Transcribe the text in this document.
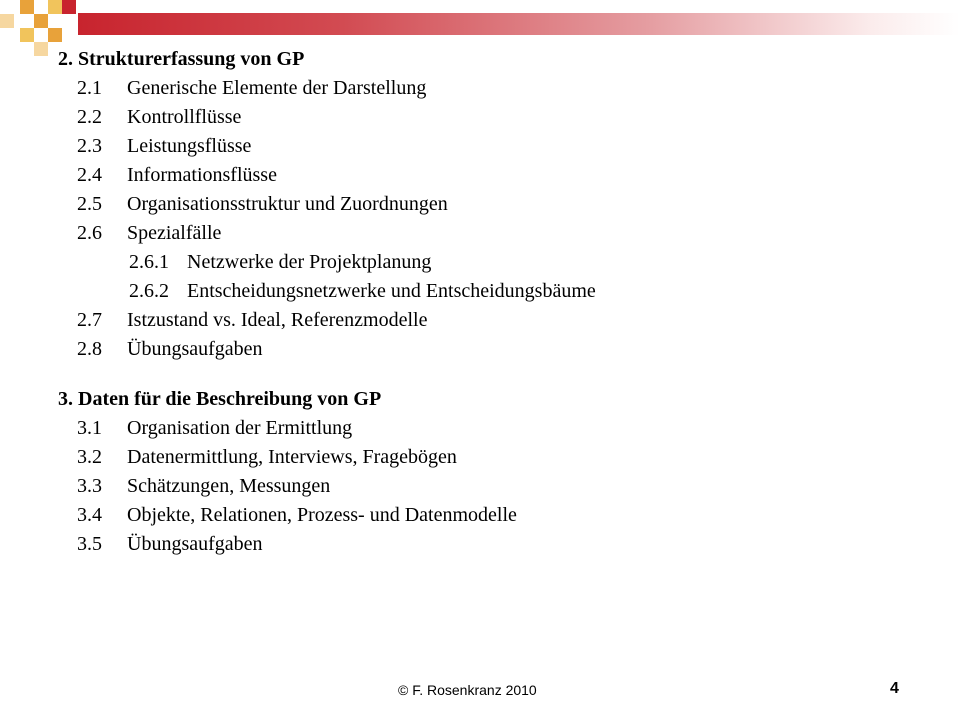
2. Strukturerfassung von GP
2.1	Generische Elemente der Darstellung
2.2	Kontrollflüsse
2.3	Leistungsflüsse
2.4	Informationsflüsse
2.5	Organisationsstruktur und Zuordnungen
2.6	Spezialfälle
2.6.1 Netzwerke der Projektplanung
2.6.2 Entscheidungsnetzwerke und Entscheidungsbäume
2.7	Istzustand vs. Ideal, Referenzmodelle
2.8	Übungsaufgaben
3. Daten für die Beschreibung von GP
3.1	Organisation der Ermittlung
3.2	Datenermittlung, Interviews, Fragebögen
3.3	Schätzungen, Messungen
3.4	Objekte, Relationen, Prozess- und Datenmodelle
3.5	Übungsaufgaben
© F. Rosenkranz 2010	4
